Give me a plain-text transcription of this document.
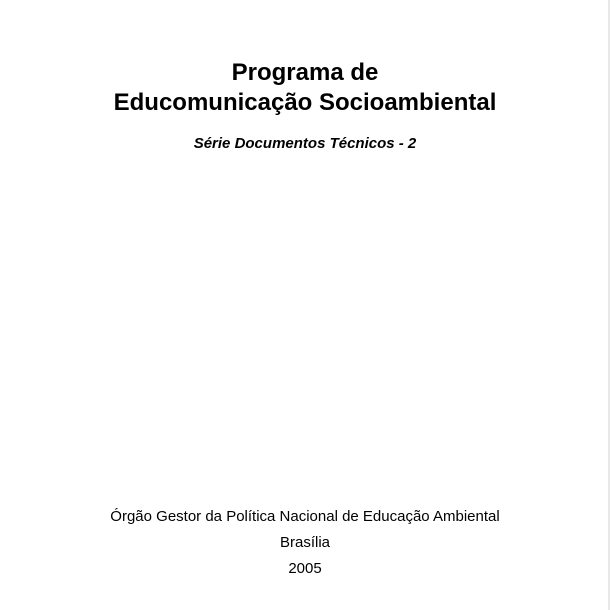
Programa de
Educomunicação Socioambiental
Série Documentos Técnicos - 2
Órgão Gestor da Política Nacional de Educação Ambiental
Brasília
2005
